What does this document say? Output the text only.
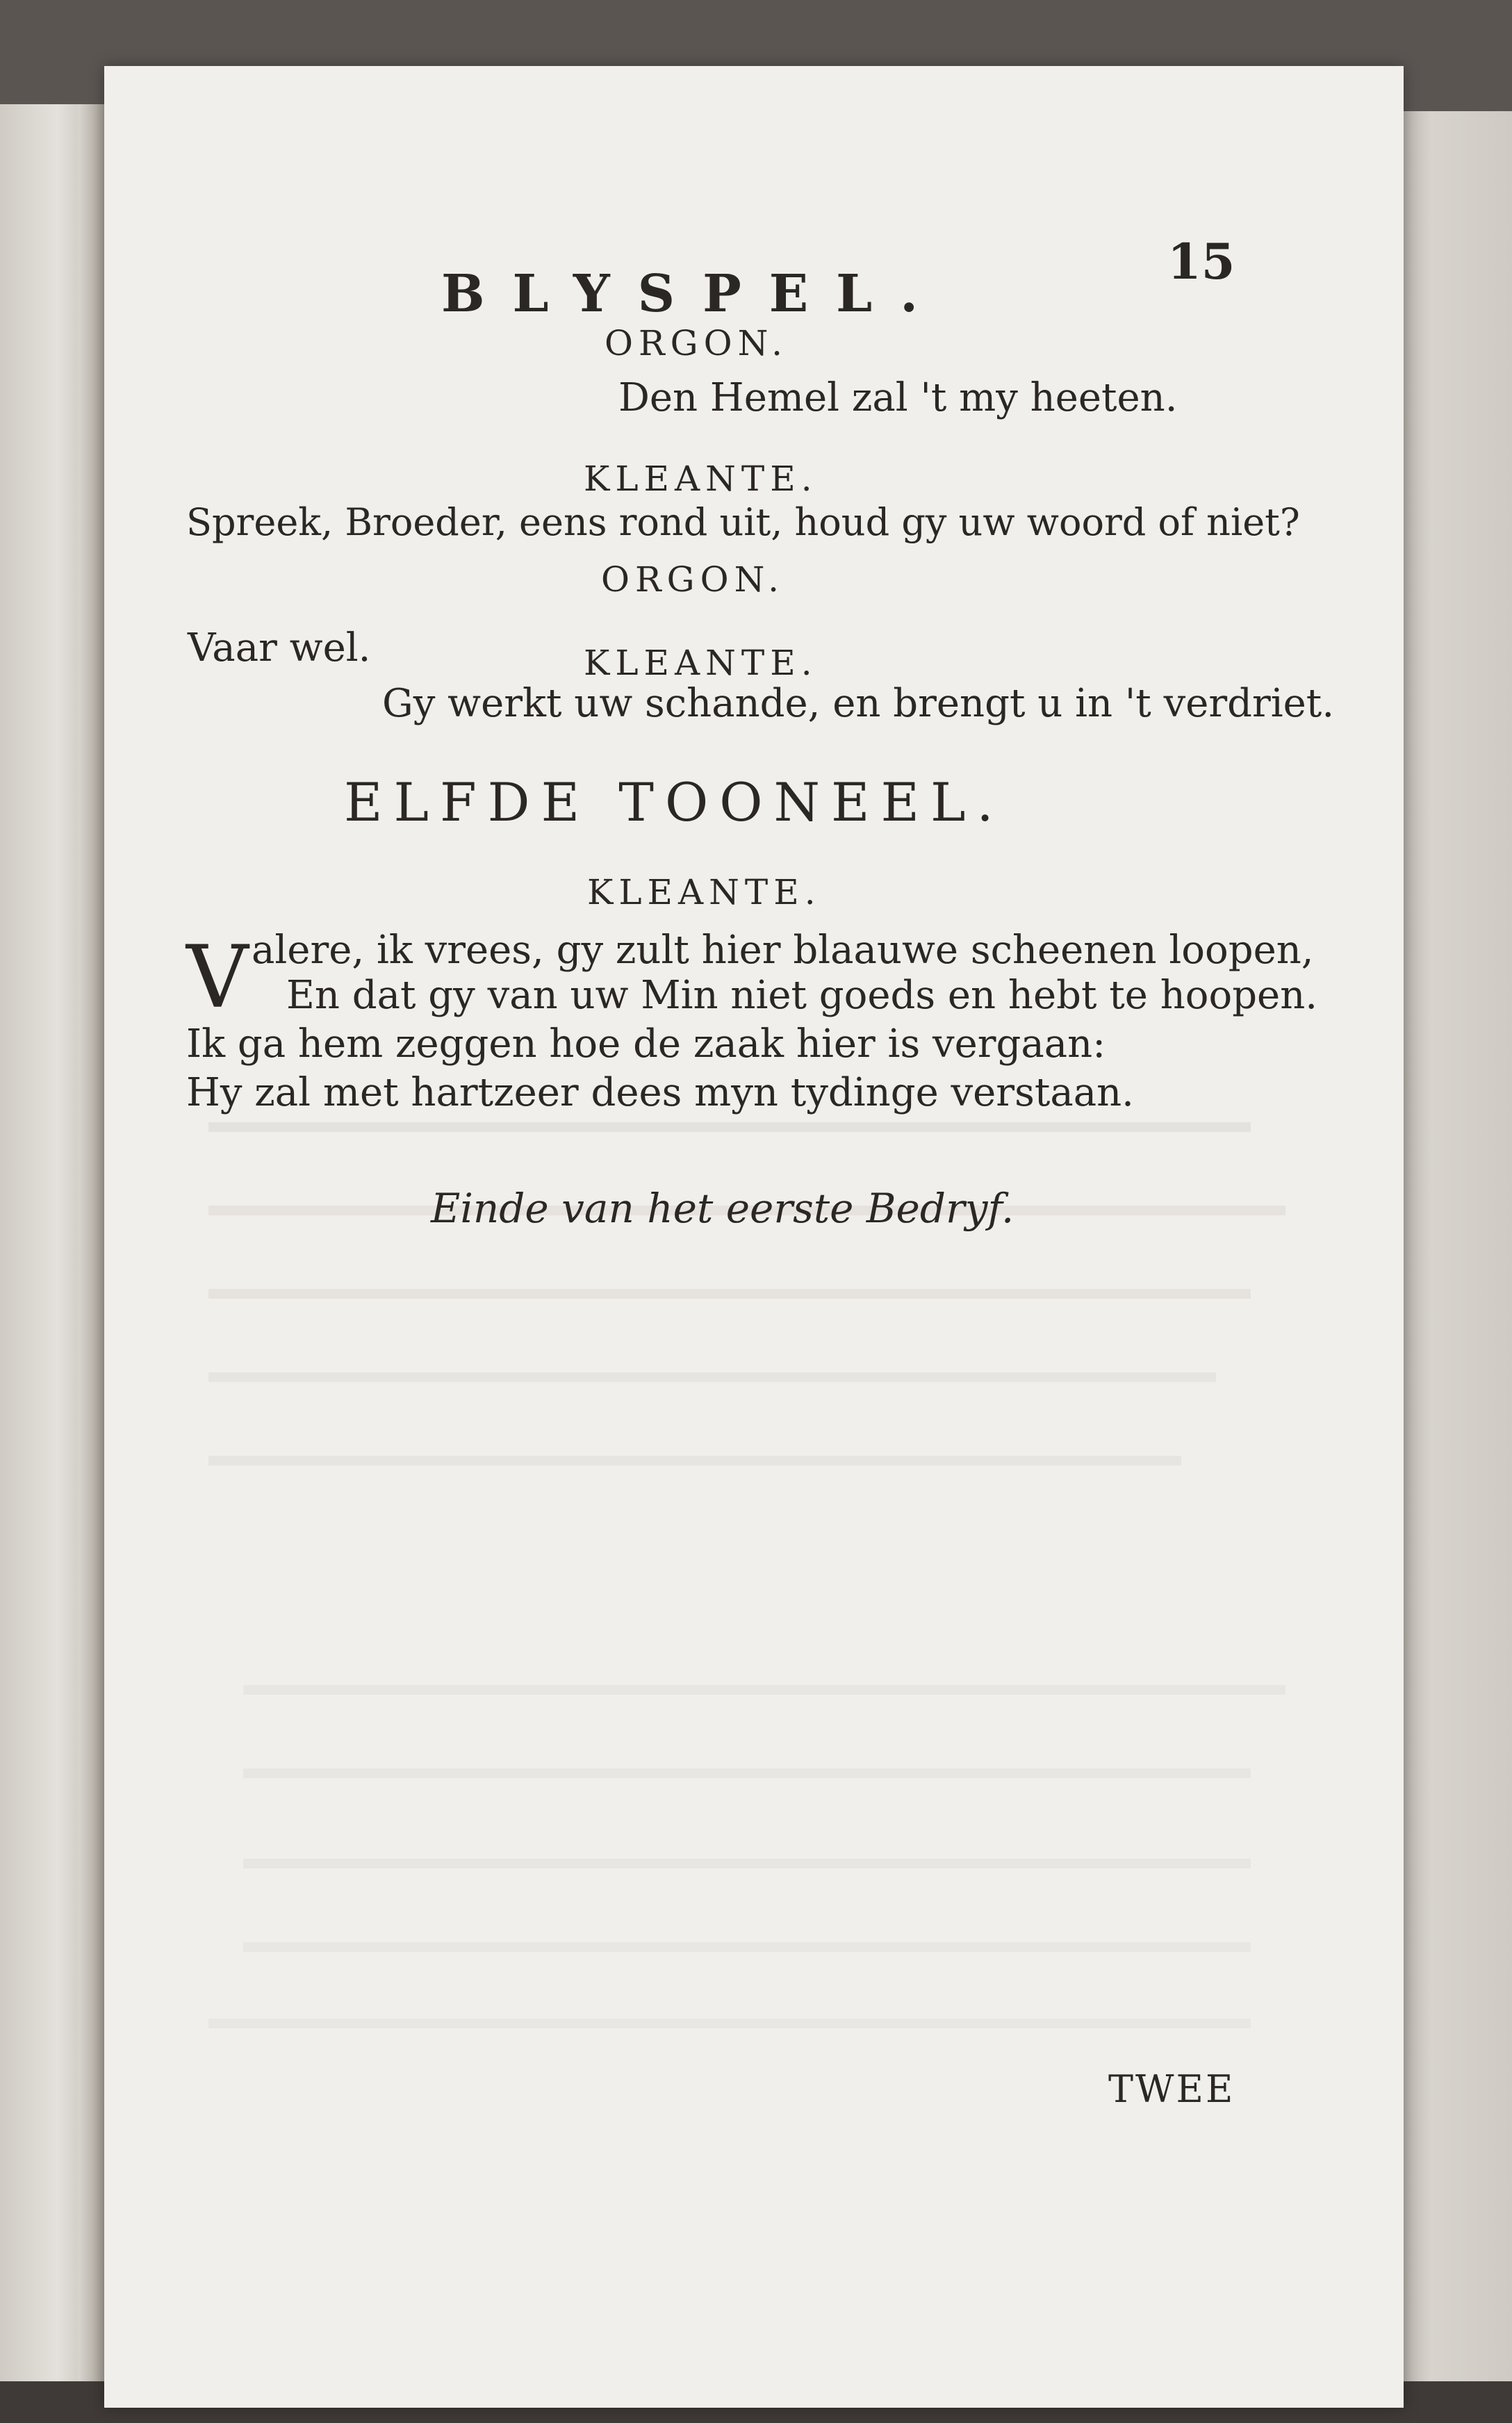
BLYSPEL.
15
ORGON.
Den Hemel zal 't my heeten.
KLEANTE.
Spreek, Broeder, eens rond uit, houd gy uw woord of niet?
ORGON.
Vaar wel.	KLEANTE.
Gy werkt uw schande, en brengt u in 't verdriet.
ELFDE TOONEEL.
KLEANTE.
V alere, ik vrees, gy zult hier blaauwe scheenen loopen,
En dat gy van uw Min niet goeds en hebt te hoopen.
Ik ga hem zeggen hoe de zaak hier is vergaan:
Hy zal met hartzeer dees myn tydinge verstaan.
Einde van het eerste Bedryf.
TWEE
